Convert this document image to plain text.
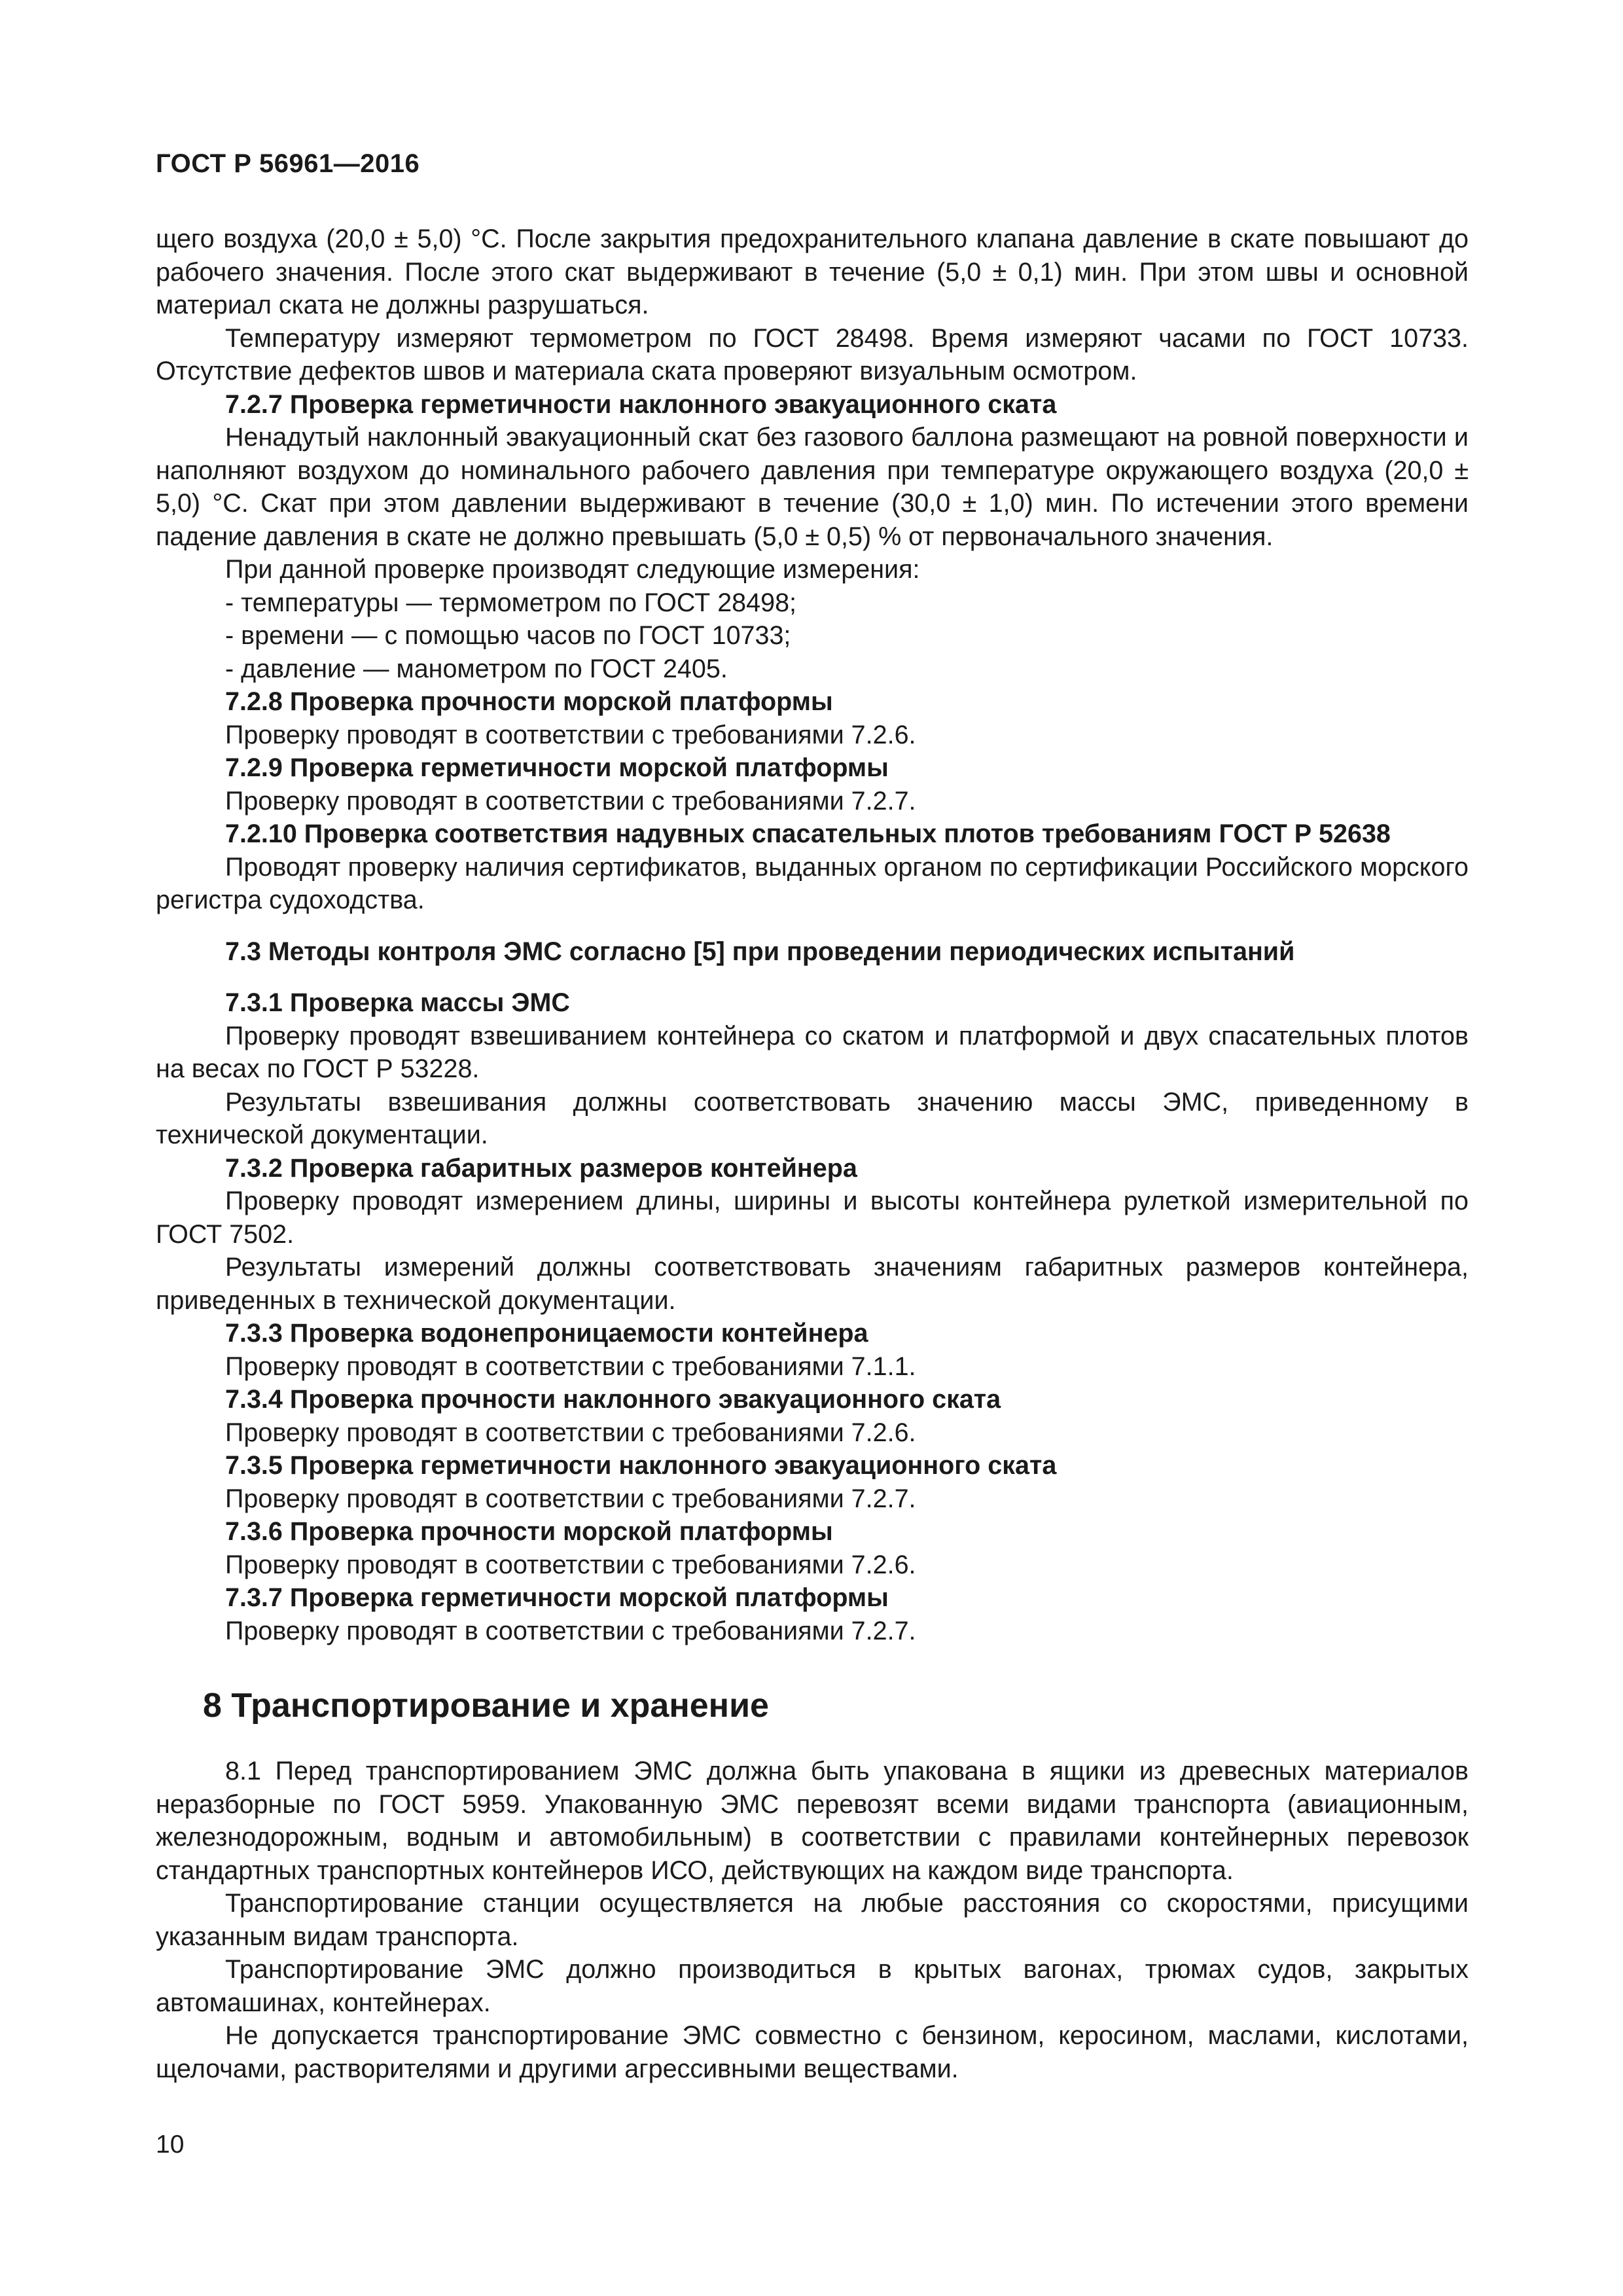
ГОСТ Р 56961—2016

щего воздуха (20,0 ± 5,0) °С. После закрытия предохранительного клапана давление в скате повышают до рабочего значения. После этого скат выдерживают в течение (5,0 ± 0,1) мин. При этом швы и основной материал ската не должны разрушаться.

Температуру измеряют термометром по ГОСТ 28498. Время измеряют часами по ГОСТ 10733. Отсутствие дефектов швов и материала ската проверяют визуальным осмотром.

7.2.7 Проверка герметичности наклонного эвакуационного ската

Ненадутый наклонный эвакуационный скат без газового баллона размещают на ровной поверхности и наполняют воздухом до номинального рабочего давления при температуре окружающего воздуха (20,0 ± 5,0) °С. Скат при этом давлении выдерживают в течение (30,0 ± 1,0) мин. По истечении этого времени падение давления в скате не должно превышать (5,0 ± 0,5) % от первоначального значения.

При данной проверке производят следующие измерения:

- температуры — термометром по ГОСТ 28498;

- времени — с помощью часов по ГОСТ 10733;

- давление — манометром по ГОСТ 2405.

7.2.8 Проверка прочности морской платформы

Проверку проводят в соответствии с требованиями 7.2.6.

7.2.9 Проверка герметичности морской платформы

Проверку проводят в соответствии с требованиями 7.2.7.

7.2.10 Проверка соответствия надувных спасательных плотов требованиям ГОСТ Р 52638

Проводят проверку наличия сертификатов, выданных органом по сертификации Российского морского регистра судоходства.

7.3 Методы контроля ЭМС согласно [5] при проведении периодических испытаний

7.3.1 Проверка массы ЭМС

Проверку проводят взвешиванием контейнера со скатом и платформой и двух спасательных плотов на весах по ГОСТ Р 53228.

Результаты взвешивания должны соответствовать значению массы ЭМС, приведенному в технической документации.

7.3.2 Проверка габаритных размеров контейнера

Проверку проводят измерением длины, ширины и высоты контейнера рулеткой измерительной по ГОСТ 7502.

Результаты измерений должны соответствовать значениям габаритных размеров контейнера, приведенных в технической документации.

7.3.3 Проверка водонепроницаемости контейнера

Проверку проводят в соответствии с требованиями 7.1.1.

7.3.4 Проверка прочности наклонного эвакуационного ската

Проверку проводят в соответствии с требованиями 7.2.6.

7.3.5 Проверка герметичности наклонного эвакуационного ската

Проверку проводят в соответствии с требованиями 7.2.7.

7.3.6 Проверка прочности морской платформы

Проверку проводят в соответствии с требованиями 7.2.6.

7.3.7 Проверка герметичности морской платформы

Проверку проводят в соответствии с требованиями 7.2.7.

8 Транспортирование и хранение

8.1 Перед транспортированием ЭМС должна быть упакована в ящики из древесных материалов неразборные по ГОСТ 5959. Упакованную ЭМС перевозят всеми видами транспорта (авиационным, железнодорожным, водным и автомобильным) в соответствии с правилами контейнерных перевозок стандартных транспортных контейнеров ИСО, действующих на каждом виде транспорта.

Транспортирование станции осуществляется на любые расстояния со скоростями, присущими указанным видам транспорта.

Транспортирование ЭМС должно производиться в крытых вагонах, трюмах судов, закрытых автомашинах, контейнерах.

Не допускается транспортирование ЭМС совместно с бензином, керосином, маслами, кислотами, щелочами, растворителями и другими агрессивными веществами.

10
